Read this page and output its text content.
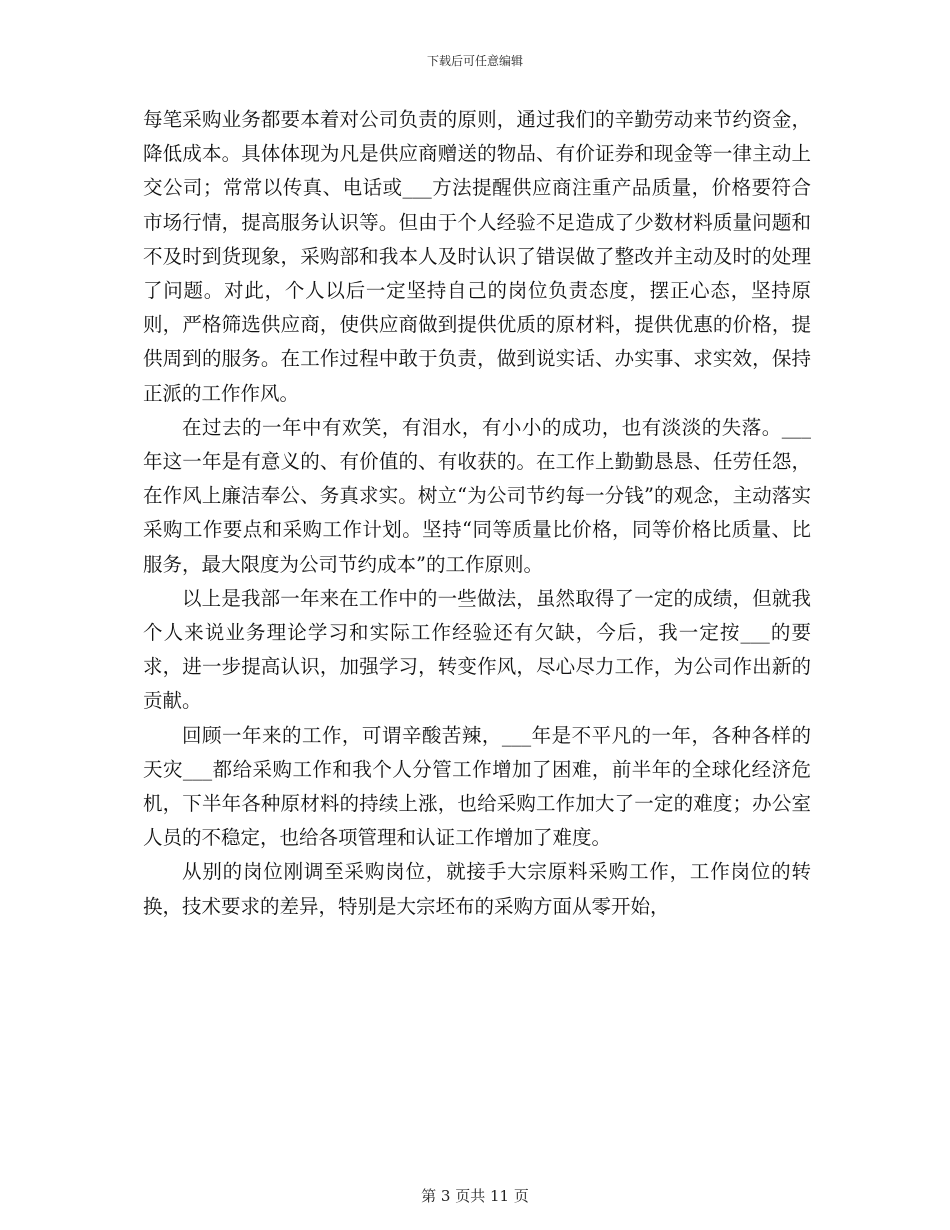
下载后可任意编辑

每笔采购业务都要本着对公司负责的原则，通过我们的辛勤劳动来节约资金，降低成本。具体体现为凡是供应商赠送的物品、有价证券和现金等一律主动上交公司；常常以传真、电话或___方法提醒供应商注重产品质量，价格要符合市场行情，提高服务认识等。但由于个人经验不足造成了少数材料质量问题和不及时到货现象，采购部和我本人及时认识了错误做了整改并主动及时的处理了问题。对此，个人以后一定坚持自己的岗位负责态度，摆正心态，坚持原则，严格筛选供应商，使供应商做到提供优质的原材料，提供优惠的价格，提供周到的服务。在工作过程中敢于负责，做到说实话、办实事、求实效，保持正派的工作作风。

在过去的一年中有欢笑，有泪水，有小小的成功，也有淡淡的失落。___年这一年是有意义的、有价值的、有收获的。在工作上勤勤恳恳、任劳任怨，在作风上廉洁奉公、务真求实。树立“为公司节约每一分钱”的观念，主动落实采购工作要点和采购工作计划。坚持“同等质量比价格，同等价格比质量、比服务，最大限度为公司节约成本”的工作原则。

以上是我部一年来在工作中的一些做法，虽然取得了一定的成绩，但就我个人来说业务理论学习和实际工作经验还有欠缺，今后，我一定按___的要求，进一步提高认识，加强学习，转变作风，尽心尽力工作，为公司作出新的贡献。

回顾一年来的工作，可谓辛酸苦辣，___年是不平凡的一年，各种各样的天灾___都给采购工作和我个人分管工作增加了困难，前半年的全球化经济危机，下半年各种原材料的持续上涨，也给采购工作加大了一定的难度；办公室人员的不稳定，也给各项管理和认证工作增加了难度。

从别的岗位刚调至采购岗位，就接手大宗原料采购工作，工作岗位的转换，技术要求的差异，特别是大宗坯布的采购方面从零开始，

第 3 页共 11 页
